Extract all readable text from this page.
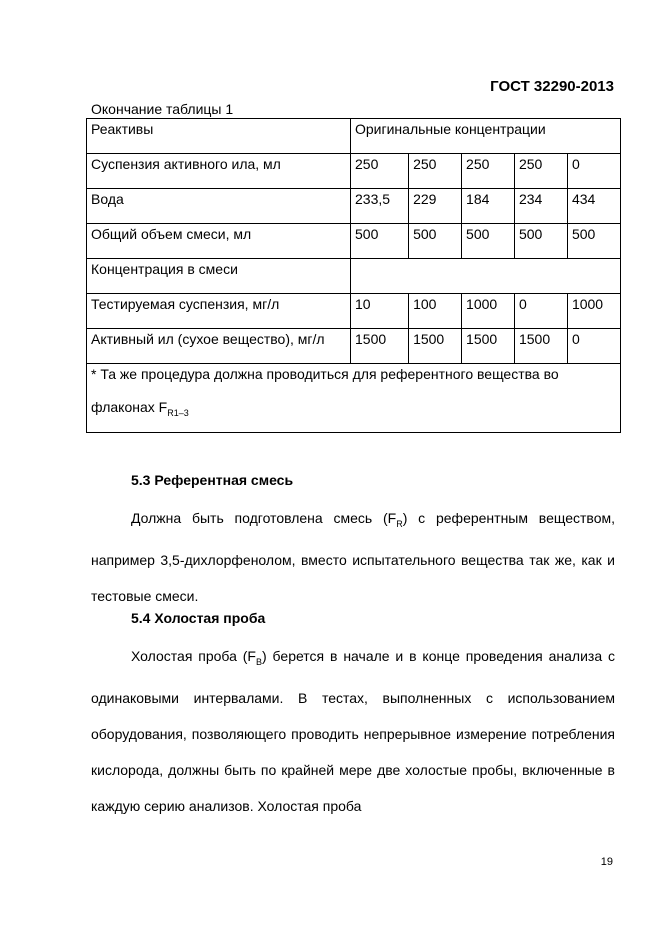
ГОСТ 32290-2013
Окончание таблицы 1
Реактивы	Оригинальные концентрации				
Суспензия активного ила, мл	250	250	250	250	0
Вода	233,5	229	184	234	434
Общий объем смеси, мл	500	500	500	500	500
Концентрация в смеси					
Тестируемая суспензия, мг/л	10	100	1000	0	1000
Активный ил (сухое вещество), мг/л	1500	1500	1500	1500	0

* Та же процедура должна проводиться для референтного вещества во
флаконах $F_{R1-3}$
5.3 Референтная смесь

Должна быть подготовлена смесь $(F_R)$ с референтным веществом, например 3,5-дихлорфенолом, вместо испытательного вещества так же, как и тестовые смеси.

5.4 Холостая проба

Холостая проба $(F_B)$ берется в начале и в конце проведения анализа с одинаковыми интервалами. В тестах, выполненных с использованием оборудования, позволяющего проводить непрерывное измерение потребления кислорода, должны быть по крайней мере две холостые пробы, включенные в каждую серию анализов. Холостая проба

19
